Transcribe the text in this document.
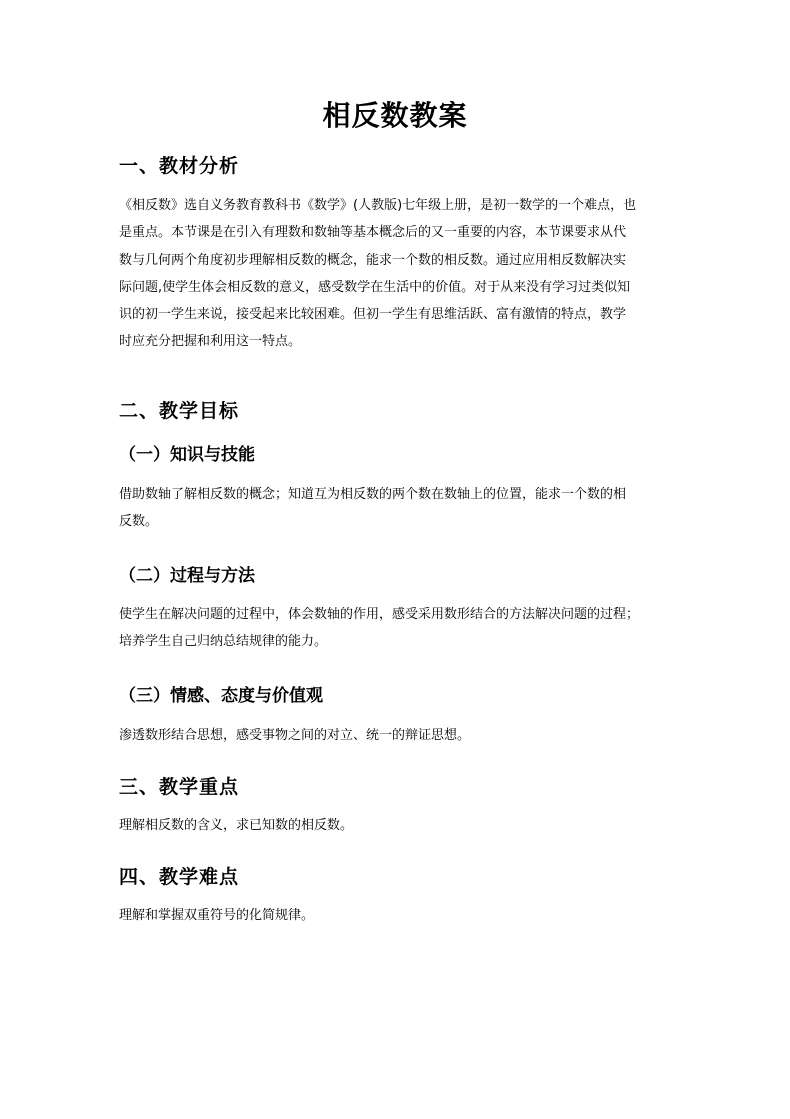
相反数教案
一、教材分析
《相反数》选自义务教育教科书《数学》(人教版)七年级上册，是初一数学的一个难点，也
是重点。本节课是在引入有理数和数轴等基本概念后的又一重要的内容，本节课要求从代
数与几何两个角度初步理解相反数的概念，能求一个数的相反数。通过应用相反数解决实
际问题,使学生体会相反数的意义，感受数学在生活中的价值。对于从来没有学习过类似知
识的初一学生来说，接受起来比较困难。但初一学生有思维活跃、富有激情的特点，教学
时应充分把握和利用这一特点。
二、教学目标
（一）知识与技能
借助数轴了解相反数的概念；知道互为相反数的两个数在数轴上的位置，能求一个数的相
反数。
（二）过程与方法
使学生在解决问题的过程中，体会数轴的作用，感受采用数形结合的方法解决问题的过程；
培养学生自己归纳总结规律的能力。
（三）情感、态度与价值观
渗透数形结合思想，感受事物之间的对立、统一的辩证思想。
三、教学重点
理解相反数的含义，求已知数的相反数。
四、教学难点
理解和掌握双重符号的化简规律。
